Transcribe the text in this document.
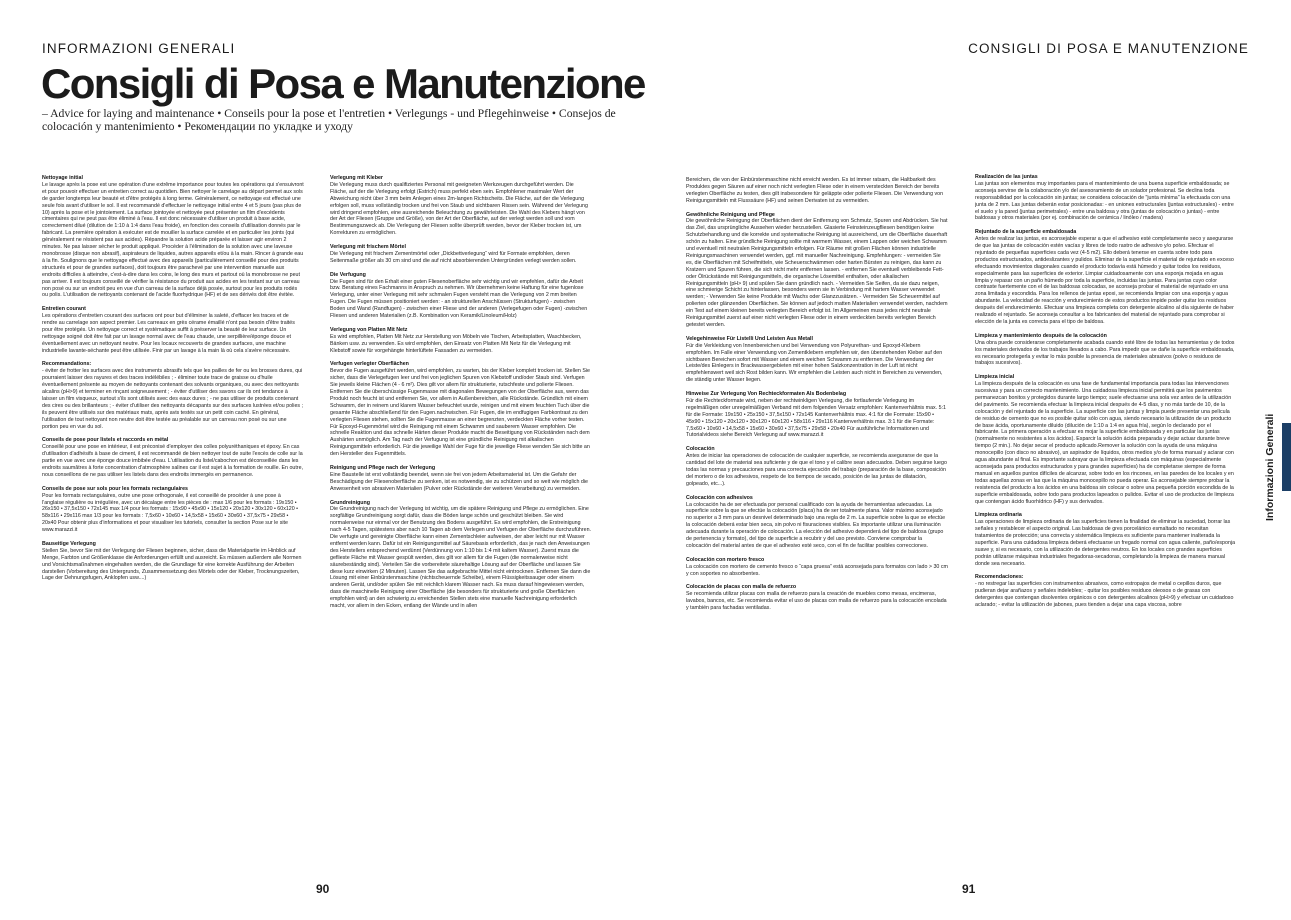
INFORMAZIONI GENERALI	CONSIGLI DI POSA E MANUTENZIONE
Consigli di Posa e Manutenzione
– Advice for laying and maintenance • Conseils pour la pose et l'entretien • Verlegungs - und Pflegehinweise • Consejos de colocación y mantenimiento • Рекомендации по укладке и уходу
Nettoyage initial
Le lavage après la pose est une opération d'une extrême importance pour toutes les opérations qui s'ensuivront et pour pouvoir effectuer un entretien correct au quotidien. Bien nettoyer le carrelage au départ permet aux sols de garder longtemps leur beauté et d'être protégés à long terme. Généralement, ce nettoyage est effectué une seule fois avant d'utiliser le sol. Il est recommandé d'effectuer le nettoyage initial entre 4 et 5 jours (pas plus de 10) après la pose et le jointoiement. La surface jointoyée et nettoyée peut présenter un film d'excédents cimentaires qui ne peut pas être éliminé à l'eau. Il est donc nécessaire d'utiliser un produit à base acide, correctement dilué (dilution de 1:10 à 1:4 dans l'eau froide), en fonction des conseils d'utilisation donnés par le fabricant. La première opération à exécuter est de mouiller la surface carrelée et en particulier les joints (qui généralement ne résistent pas aux acides). Répandre la solution acide préparée et laisser agir environ 2 minutes. Ne pas laisser sécher le produit appliqué. Procéder à l'élimination de la solution avec une laveuse monobrosse (disque non abrasif), aspirateurs de liquides, autres appareils et/ou à la main. Rincer à grande eau à la fin. Soulignons que le nettoyage effectué avec des appareils (particulièrement conseillé pour des produits structurés et pour de grandes surfaces), doit toujours être parachevé par une intervention manuelle aux endroits difficiles à atteindre, c'est-à-dire dans les coins, le long des murs et partout où la monobrosse ne peut pas arriver. Il est toujours conseillé de vérifier la résistance du produit aux acides en les testant sur un carreau non posé ou sur un endroit peu en vue d'un carreau de la surface déjà posée, surtout pour les produits rodés ou polis. L'utilisation de nettoyants contenant de l'acide fluorhydrique (HF) et de ses dérivés doit être évitée.
Entretien courant
Les opérations d'entretien courant des surfaces ont pour but d'éliminer la saleté, d'effacer les traces et de rendre au carrelage son aspect premier. Les carreaux en grès cérame émaillé n'ont pas besoin d'être traités pour être protégés. Un nettoyage correct et systématique suffit à préserver la beauté de leur surface. Un nettoyage soigné doit être fait par un lavage normal avec de l'eau chaude, une serpillière/éponge douce et éventuellement avec un nettoyant neutre. Pour les locaux recouverts de grandes surfaces, une machine industrielle lavante-séchante peut être utilisée. Finir par un lavage à la main là où cela s'avère nécessaire.
Recommandations:
- éviter de frotter les surfaces avec des instruments abrasifs tels que les pailles de fer ou les brosses dures, qui pourraient laisser des rayures et des traces indélébiles ; - éliminer toute trace de graisse ou d'huile éventuellement présente au moyen de nettoyants contenant des solvants organiques, ou avec des nettoyants alcalins (pH>9) et terminer en rinçant soigneusement ; - éviter d'utiliser des savons car ils ont tendance à laisser un film visqueux, surtout s'ils sont utilisés avec des eaux dures ; - ne pas utiliser de produits contenant des cires ou des brillanteurs ; - éviter d'utiliser des nettoyants décapants sur des surfaces lustrées et/ou polies ; ils peuvent être utilisés sur des matériaux mats, après avis testés sur un petit coin caché. En général, l'utilisation de tout nettoyant non neutre doit être testée au préalable sur un carreau non posé ou sur une portion peu en vue du sol.
Conseils de pose pour listels et raccords en métal
Conseillé pour une pose en intérieur, il est préconisé d'employer des colles polyuréthaniques et époxy. En cas d'utilisation d'adhésifs à base de ciment, il est recommandé de bien nettoyer tout de suite l'excès de colle sur la partie en vue avec une éponge douce imbibée d'eau. L'utilisation du listel/cabochon est déconseillée dans les endroits saumâtres à forte concentration d'atmosphère salines car il est sujet à la formation de rouille. En outre, nous conseillons de ne pas utiliser les listels dans des endroits immergés en permanence.
Conseils de pose sur sols pour les formats rectangulaires
Pour les formats rectangulaires, outre une pose orthogonale, il est conseillé de procéder à une pose à l'anglaise régulière ou irrégulière, avec un décalage entre les pièces de : max 1/6 pour les formats : 19x150 • 26x150 • 37,5x150 • 72x145 max 1/4 pour les formats : 15x90 • 45x90 • 15x120 • 20x120 • 30x120 • 60x120 • 58x116 • 29x116 max 1/3 pour les formats : 7,5x60 • 10x60 • 14,5x58 • 15x60 • 30x60 • 37,5x75 • 29x58 • 20x40 Pour obtenir plus d'informations et pour visualiser les tutoriels, consulter la section Pose sur le site www.marazzi.it
Bauseitige Verlegung
Stellen Sie, bevor Sie mit der Verlegung der Fliesen beginnen, sicher, dass die Materialpartie im Hinblick auf Menge, Farbton und Größenklasse die Anforderungen erfüllt und ausreicht. Es müssen außerdem alle Normen und Vorsichtsmaßnahmen eingehalten werden, die die Grundlage für eine korrekte Ausführung der Arbeiten darstellen (Vorbereitung des Untergrunds, Zusammensetzung des Mörtels oder der Kleber, Trocknungszeiten, Lage der Dehnungsfugen, Anklopfen usw....)
Verlegung mit Kleber
Die Verlegung muss durch qualifiziertes Personal mit geeigneten Werkzeugen durchgeführt werden. Die Fläche, auf der die Verlegung erfolgt (Estrich) muss perfekt eben sein. Empfohlener maximaler Wert der Abweichung nicht über 3 mm beim Anlegen eines 2m-langen Richtscheits. Die Fläche, auf der die Verlegung erfolgen soll, muss vollständig trocken und frei von Staub und sichtbaren Rissen sein. Während der Verlegung wird dringend empfohlen, eine ausreichende Beleuchtung zu gewährleisten. Die Wahl des Klebers hängt von der Art der Fliesen (Gruppe und Größe), von der Art der Oberfläche, auf der verlegt werden soll und vom Bestimmungszweck ab. Die Verlegung der Fliesen sollte überprüft werden, bevor der Kleber trocken ist, um Korrekturen zu ermöglichen.
Verlegung mit frischem Mörtel
Die Verlegung mit frischem Zementmörtel oder „Dickbettverlegung“ wird für Formate empfohlen, deren Seitenmaße größer als 30 cm sind und die auf nicht absorbierenden Untergründen verlegt werden sollen.
Die Verfugung
Die Fugen sind für den Erhalt einer guten Fliesenoberfläche sehr wichtig und wir empfehlen, dafür die Arbeit bzw. Beratung eines Fachmanns in Anspruch zu nehmen. Wir übernehmen keine Haftung für eine fugenlose Verlegung, unter einer Verlegung mit sehr schmalen Fugen versteht man die Verlegung von 2 mm breiten Fugen. Die Fugen müssen positioniert werden: - an strukturellen Anschlüssen (Strukturfugen) - zwischen Boden und Wand (Randfugen) - zwischen einer Fliese und der anderen (Verlegefugen oder Fugen) -zwischen Fliesen und anderen Materialien (z.B. Kombination von Keramik/Linoleum/Holz)
Verlegung von Platten Mit Netz
Es wird empfohlen, Platten Mit Netz zur Herstellung von Möbeln wie Tischen, Arbeitsplatten, Waschbecken, Bänken usw. zu verwenden. Es wird empfohlen, den Einsatz von Platten Mit Netz für die Verlegung mit Klebstoff sowie für vorgehängte hinterlüftete Fassaden zu vermeiden.
Verfugen verlegter Oberflächen
Bevor die Fugen ausgeführt werden, wird empfohlen, zu warten, bis der Kleber komplett trocken ist. Stellen Sie sicher, dass die Verlegefugen leer und frei von jeglichen Spuren von Klebstoff und/oder Staub sind. Verfugen Sie jeweils kleine Flächen (4 - 6 m²). Dies gilt vor allem für strukturierte, rutschfeste und polierte Fliesen. Entfernen Sie die überschüssige Fugenmasse mit diagonalen Bewegungen von der Oberfläche aus, wenn das Produkt noch feucht ist und entfernen Sie, vor allem in Außenbereichen, alle Rückstände. Gründlich mit einem Schwamm, der in reinem und klarem Wasser befeuchtet wurde, reinigen und mit einem feuchten Tuch über die gesamte Fläche abschließend für den Fugen.nachwischen. Für Fugen, die im endfugigen Farbkontrast zu den verlegten Fliesen stehen, sollten Sie die Fugenmasse an einer begrenzten, verdeckten Fläche vorher testen. Für Epoxyd-Fugenmörtel wird die Reinigung mit einem Schwamm und sauberem Wasser empfohlen. Die schnelle Reaktion und das schnelle Härten dieser Produkte macht die Beseitigung von Rückständen nach dem Aushärten unmöglich. Am Tag nach der Verfugung ist eine gründliche Reinigung mit alkalischen Reinigungsmitteln erforderlich. Für die jeweilige Wahl der Fuge für die jeweilige Fliese wenden Sie sich bitte an den Hersteller des Fugenmittels.
Reinigung und Pflege nach der Verlegung
Eine Baustelle ist erst vollständig beendet, wenn sie frei von jedem Arbeitsmaterial ist. Um die Gefahr der Beschädigung der Fliesenoberfläche zu senken, ist es notwendig, sie zu schützen und so weit wie möglich die Anwesenheit von abrasiven Materialien (Pulver oder Rückstände der weiteren Verarbeitung) zu vermeiden.
Grundreinigung
Die Grundreinigung nach der Verlegung ist wichtig, um die spätere Reinigung und Pflege zu ermöglichen. Eine sorgfältige Grundreinigung sorgt dafür, dass die Böden lange schön und geschützt bleiben. Sie wird normalerweise nur einmal vor der Benutzung des Bodens ausgeführt. Es wird empfohlen, die Erstreinigung nach 4-5 Tagen, spätestens aber nach 10 Tagen ab dem Verlegen und Verfugen der Oberfläche durchzuführen. Die verfugte und gereinigte Oberfläche kann einen Zementschleier aufweisen, der aber leicht nur mit Wasser entfernt werden kann. Dafür ist ein Reinigungsmittel auf Säurebasis erforderlich, das je nach den Anweisungen des Herstellers entsprechend verdünnt (Verdünnung von 1:10 bis 1:4 mit kaltem Wasser). Zuerst muss die geflieste Fläche mit Wasser gespült werden, dies gilt vor allem für die Fugen (die normalerweise nicht säurebeständig sind). Verteilen Sie die vorbereitete säurehaltige Lösung auf der Oberfläche und lassen Sie diese kurz einwirken (2 Minuten). Lassen Sie das aufgebrachte Mittel nicht eintrocknen. Entfernen Sie dann die Lösung mit einer Einbürstenmaschine (nichtscheuernde Scheibe), einem Flüssigkeitssauger oder einem anderen Gerät, und/oder spülen Sie mit reichlich klarem Wasser nach. Es muss darauf hingewiesen werden, dass die maschinelle Reinigung einer Oberfläche (die besonders für strukturierte und große Oberflächen empfohlen wird) an den schwierig zu erreichenden Stellen stets eine manuelle Nachreinigung erforderlich macht, vor allem in den Ecken, entlang der Wände und in allen
Bereichen, die von der Einbürstenmaschine nicht erreicht werden. Es ist immer ratsam, die Haltbarkeit des Produktes gegen Säuren auf einer noch nicht verlegten Fliese oder in einem versteckten Bereich der bereits verlegten Oberfläche zu testen, dies gilt insbesondere für geläppte oder polierte Fliesen. Die Verwendung von Reinigungsmitteln mit Flusssäure (HF) und seinen Derivaten ist zu vermeiden.
Gewöhnliche Reinigung und Pflege
Die gewöhnliche Reinigung der Oberflächen dient der Entfernung von Schmutz, Spuren und Abdrücken. Sie hat das Ziel, das ursprüngliche Aussehen wieder herzustellen. Glasierte Feinsteinzeugfliesen benötigen keine Schutzbehandlung und die korrekte und systematische Reinigung ist ausreichend, um die Oberfläche dauerhaft schön zu halten. Eine gründliche Reinigung sollte mit warmem Wasser, einem Lappen oder weichen Schwamm und eventuell mit neutralen Reinigungsmitteln erfolgen. Für Räume mit großen Flächen können industrielle Reinigungsmaschinen verwendet werden, ggf. mit manueller Nachreinigung. Empfehlungen: - vermeiden Sie es, die Oberflächen mit Scheifmitteln, wie Scheuerschwämmen oder harten Bürsten zu reinigen, das kann zu Kratzern und Spuren führen, die sich nicht mehr entfernen lassen. - entfernen Sie eventuell verbleibende Fett- oder Ölrückstände mit Reinigungsmitteln, die organische Lösemittel enthalten, oder alkalischen Reinigungsmitteln (pH> 9) und spülen Sie dann gründlich nach. - Vermeiden Sie Seifen, da sie dazu neigen, eine schmierige Schicht zu hinterlassen, besonders wenn sie in Verbindung mit hartem Wasser verwendet werden; - Verwenden Sie keine Produkte mit Wachs oder Glanzzusätzen. - Vermeiden Sie Scheuermittel auf polierten oder glänzenden Oberflächen. Sie können auf jedoch matten Materialien verwendet werden, nachdem ein Test auf einem kleinen bereits verlegten Bereich erfolgt ist. Im Allgemeinen muss jedes nicht neutrale Reinigungsmittel zuerst auf einer nicht verlegten Fliese oder in einem verdeckten bereits verlegten Bereich getestet werden.
Velegehinweise Für Listelli Und Leisten Aus Metall
Für die Verkleidung von Innenbereichen und bei Verwendung von Polyurethan- und Epoxyd-Klebern empfohlen. Im Falle einer Verwendung von Zementklebern empfehlen wir, den überstehenden Kleber auf den sichtbaren Bereichen sofort mit Wasser und einem weichen Schwamm zu entfernen. Die Verwendung der Leiste/des Einlegers in Brackwassergebieten mit einer hohen Salzkonzentration in der Luft ist nicht empfehlenswert weil sich Rost bilden kann. Wir empfehlen die Leisten auch nicht in Bereichen zu verwenden, die ständig unter Wasser liegen.
Hinweise Zur Verlegung Von Rechteckformaten Als Bodenbelag
Für die Rechteckformate wird, neben der rechtwinkligen Verlegung, die fortlaufende Verlegung im regelmäßigen oder unregelmäßigen Verband mit dem folgenden Versatz empfohlen: Kantenverhältnis max. 5:1 für die Formate: 19x150 • 25x150 • 37,5x150 • 72x145 Kantenverhältnis max. 4:1 für die Formate: 15x90 • 45x90 • 15x120 • 20x120 • 30x120 • 60x120 • 58x116 • 29x116 Kantenverhältnis max. 3:1 für die Formate: 7,5x60 • 10x60 • 14,5x58 • 15x60 • 30x60 • 37,5x75 • 29x58 • 20x40 Für ausführliche Informationen und Tutorialvideos siehe Bereich Verlegung auf www.marazzi.it
Colocación
Antes de iniciar las operaciones de colocación de cualquier superficie, se recomienda asegurarse de que la cantidad del lote de material sea suficiente y de que el tono y el calibre sean adecuados. Deben seguirse luego todas las normas y precauciones para una correcta ejecución del trabajo (preparación de la base, composición del mortero o de los adhesivos, respeto de los tiempos de secado, posición de las juntas de dilatación, golpeado, etc...).
Colocación con adhesivos
La colocación ha de ser efectuada por personal cualificado con la ayuda de herramientas adecuadas. La superficie sobre la que se efectúe la colocación (placa) ha de ser totalmente plana. Valor máximo aconsejado no superior a 3 mm para un desnivel determinado bajo una regla de 2 m. La superficie sobre la que se efectúe la colocación deberá estar bien seca, sin polvo ni fisuraciones visibles. Es importante utilizar una iluminación adecuada durante la operación de colocación. La elección del adhesivo dependerá del tipo de baldosa (grupo de pertenencia y formato), del tipo de superficie a recubrir y del uso previsto. Conviene comprobar la colocación del material antes de que el adhesivo esté seco, con el fin de facilitar posibles correcciones.
Colocación con mortero fresco
La colocación con mortero de cemento fresco o “capa gruesa” está aconsejada para formatos con lado > 30 cm y con soportes no absorbentes.
Colocación de placas con malla de refuerzo
Se recomienda utilizar placas con malla de refuerzo para la creación de muebles como mesas, encimeras, lavabos, bancos, etc. Se recomienda evitar el uso de placas con malla de refuerzo para la colocación encolada y también para fachadas ventiladas.
Realización de las juntas
Las juntas son elementos muy importantes para el mantenimiento de una buena superficie embaldosada; se aconseja servirse de la colaboración y/o del asesoramiento de un solador profesional. Se declina toda responsabilidad por la colocación sin juntas; se considera colocación de "junta mínima" la efectuada con una junta de 2 mm. Las juntas deberán estar posicionadas: - en uniones estructurales (juntas estructurales) - entre el suelo y la pared (juntas perimetrales) - entre una baldosa y otra (juntas de colocación o juntas) - entre baldosas y otros materiales (por ej. combinación de cerámica / linóleo / madera)
Rejuntado de la superficie embaldosada
Antes de realizar las juntas, es aconsejable esperar a que el adhesivo esté completamente seco y asegurarse de que las juntas de colocación estén vacías y libres de todo rastro de adhesivo y/o polvo. Efectuar el rejuntado de pequeñas superficies cada vez (4-5 m2). Ello deberá tenerse en cuenta sobre todo para productos estructurados, antideslizantes y pulidos. Eliminar de la superficie el material de rejuntado en exceso efectuando movimientos diagonales cuando el producto todavía está húmedo y quitar todos los residuos, especialmente para las superficies de exterior. Limpiar cuidadosamente con una esponja mojada en agua limpia y repasar con un paño húmedo por toda la superficie, incluidas las juntas. Para juntas cuyo color contraste fuertemente con el de las baldosas colocadas, se aconseja probar el material de rejuntado en una zona limitada y escondida. Para los rellenos de juntas epoxi, se recomienda limpiar con una esponja y agua abundante. La velocidad de reacción y endurecimiento de estos productos impide poder quitar los residuos después del endurecimiento. Efectuar una limpieza completa con detergente alcalino al día siguiente de haber realizado el rejuntado. Se aconseja consultar a los fabricantes del material de rejuntado para comprobar si elección de la junta es correcta para el tipo de baldosa.
Limpieza y mantenimiento después de la colocación
Una obra puede considerarse completamente acabada cuando esté libre de todas las herramientas y de todos los materiales derivados de los trabajos llevados a cabo. Para impedir que se dañe la superficie embaldosada, es necesario protegerla y evitar lo más posible la presencia de materiales abrasivos (polvo o residuos de trabajos sucesivos).
Limpieza inicial
La limpieza después de la colocación es una fase de fundamental importancia para todas las intervenciones sucesivas y para un correcto mantenimiento. Una cuidadosa limpieza inicial permitirá que los pavimentos permanezcan bonitos y protegidos durante largo tiempo; suele efectuarse una sola vez antes de la utilización del pavimento. Se recomienda efectuar la limpieza inicial después de 4-5 días, y no más tarde de 10, de la colocación y del rejuntado de la superficie. La superficie con las juntas y limpia puede presentar una película de residuo de cemento que no es posible quitar sólo con agua, siendo necesario la utilización de un producto de base ácida, oportunamente diluido (dilución de 1:10 a 1:4 en agua fría), según lo declarado por el fabricante. La primera operación a efectuar es mojar la superficie embaldosada y en particular las juntas (normalmente no resistentes a los ácidos). Esparcir la solución ácida preparada y dejar actuar durante breve tiempo (2 min.). No dejar secar el producto aplicado.Remover la solución con la ayuda de una máquina monocepillo (con disco no abrasivo), un aspirador de líquidos, otros medios y/o de forma manual y aclarar con agua abundante al final. Es importante subrayar que la limpieza efectuada con máquinas (especialmente aconsejada para productos estructurados y para grandes superficies) ha de completarse siempre de forma manual en aquellos puntos difíciles de alcanzar, sobre todo en los rincones, en las paredes de los locales y en todas aquellas zonas en las que la máquina monocepillo no pueda operar. Es aconsejable siempre probar la resistencia del producto a los ácidos en una baldosa sin colocar o sobre una pequeña porción escondida de la superficie embaldosada, sobre todo para productos lapeados o pulidos. Evitar el uso de productos de limpieza que contengan ácido fluorhídrico (HF) y sus derivados.
Limpieza ordinaria
Las operaciones de limpieza ordinaria de las superficies tienen la finalidad de eliminar la suciedad, borrar las señales y restablecer el aspecto original. Las baldosas de gres porcelánico esmaltado no necesitan tratamientos de protección; una correcta y sistemática limpieza es suficiente para mantener inalterada la superficie. Para una cuidadosa limpieza deberá efectuarse un fregado normal con agua caliente, paño/esponja suave y, si es necesario, con la utilización de detergentes neutros. En los locales con grandes superficies podrán utilizarse máquinas industriales fregadoras-secadoras, completando la limpieza de manera manual donde sea necesario.
Recomendaciones:
- no restregar las superficies con instrumentos abrasivos, como estropajos de metal o cepillos duros, que pudieran dejar arañazos y señales indelebles; - quitar los posibles residuos oleosos o de grasas con detergentes que contengan disolventes orgánicos o con detergentes alcalinos (pH>9) y efectuar un cuidadoso aclarado; - evitar la utilización de jabones, pues tienden a dejar una capa viscosa, sobre
90	91
Informazioni Generali
